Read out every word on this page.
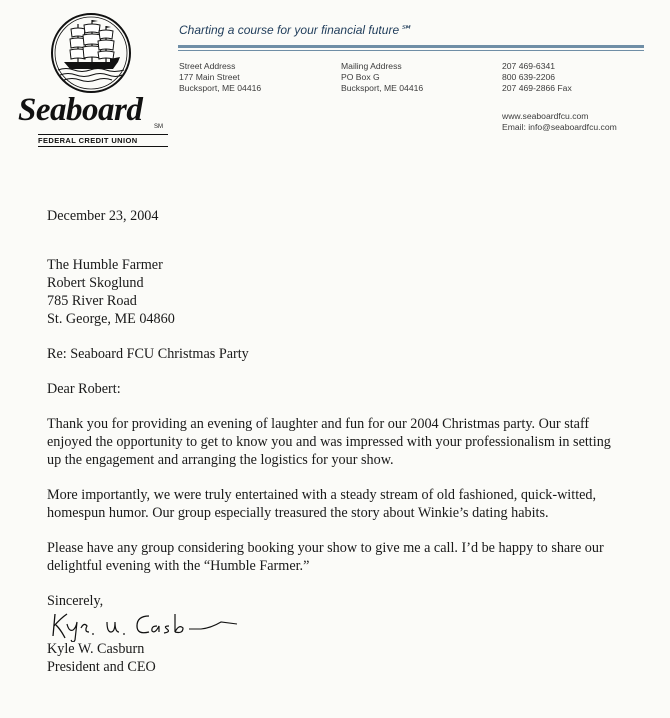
Seaboard	SM
FEDERAL CREDIT UNION
Charting a course for your financial future℠
Street Address
177 Main Street
Bucksport, ME 04416
Mailing Address
PO Box G
Bucksport, ME 04416
207 469-6341
800 639-2206
207 469-2866 Fax
www.seaboardfcu.com
Email: info@seaboardfcu.com

December 23, 2004

The Humble Farmer
Robert Skoglund
785 River Road
St. George, ME 04860

Re: Seaboard FCU Christmas Party

Dear Robert:

Thank you for providing an evening of laughter and fun for our 2004 Christmas party. Our staff enjoyed the opportunity to get to know you and was impressed with your professionalism in setting up the engagement and arranging the logistics for your show.

More importantly, we were truly entertained with a steady stream of old fashioned, quick-witted, homespun humor. Our group especially treasured the story about Winkie’s dating habits.

Please have any group considering booking your show to give me a call. I’d be happy to share our delightful evening with the “Humble Farmer.”

Sincerely,

Kyle W. Casburn
President and CEO
